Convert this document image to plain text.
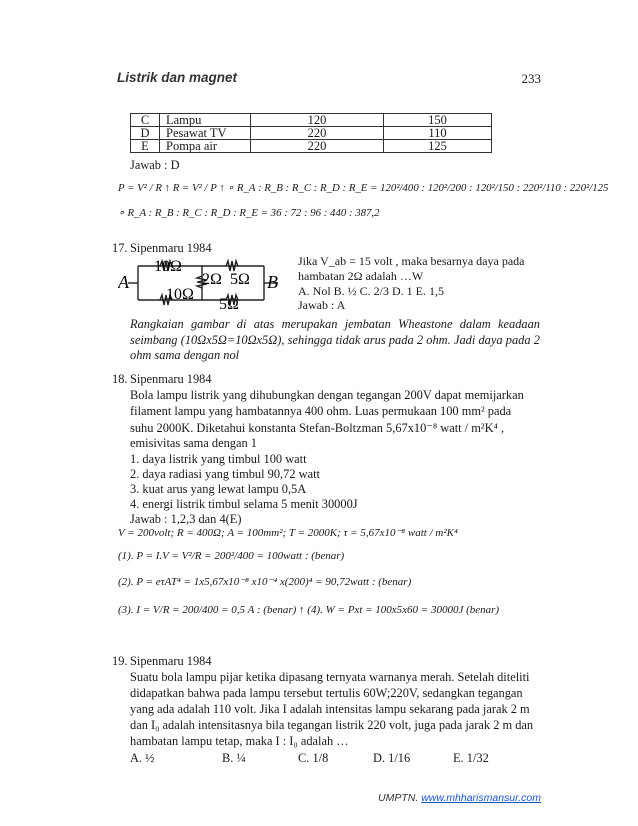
Listrik dan magnet	233
C	Lampu	120	150
D	Pesawat TV	220	110
E	Pompa air	220	125
Jawab : D
P = V² / R ↑ R = V² / P ↑ ∘ R_A : R_B : R_C : R_D : R_E = 120²/400 : 120²/200 : 120²/150 : 220²/110 : 220²/125
∘ R_A : R_B : R_C : R_D : R_E = 36 : 72 : 96 : 440 : 387,2
17. Sipenmaru 1984
A	B
10Ω
10Ω
2Ω 5Ω
5Ω
Jika V_ab = 15 volt , maka besarnya daya pada
hambatan 2Ω adalah …W
A. Nol B. ½ C. 2/3 D. 1 E. 1,5
Jawab : A
Rangkaian gambar di atas merupakan jembatan Wheastone dalam keadaan seimbang (10Ωx5Ω=10Ωx5Ω), sehingga tidak arus pada 2 ohm. Jadi daya pada 2 ohm sama dengan nol
18. Sipenmaru 1984
Bola lampu listrik yang dihubungkan dengan tegangan 200V dapat memijarkan
filament lampu yang hambatannya 400 ohm. Luas permukaan 100 mm² pada
suhu 2000K. Diketahui konstanta Stefan-Boltzman 5,67x10⁻⁸ watt / m²K⁴ ,
emisivitas sama dengan 1
1. daya listrik yang timbul 100 watt
2. daya radiasi yang timbul 90,72 watt
3. kuat arus yang lewat lampu 0,5A
4. energi listrik timbul selama 5 menit 30000J
Jawab : 1,2,3 dan 4(E)
V = 200volt; R = 400Ω; A = 100mm²; T = 2000K; τ = 5,67x10⁻⁸ watt / m²K⁴
(1). P = I.V = V²/R = 200²/400 = 100watt : (benar)
(2). P = eτAT⁴ = 1x5,67x10⁻⁸ x10⁻⁴ x(200)⁴ = 90,72watt : (benar)
(3). I = V/R = 200/400 = 0,5 A : (benar) ↑ (4). W = Pxt = 100x5x60 = 30000J (benar)
19. Sipenmaru 1984
Suatu bola lampu pijar ketika dipasang ternyata warnanya merah. Setelah diteliti
didapatkan bahwa pada lampu tersebut tertulis 60W;220V, sedangkan tegangan
yang ada adalah 110 volt. Jika I adalah intensitas lampu sekarang pada jarak 2 m
dan I₀ adalah intensitasnya bila tegangan listrik 220 volt, juga pada jarak 2 m dan
hambatan lampu tetap, maka I : I₀ adalah …
A. ½	B. ¼	C. 1/8	D. 1/16	E. 1/32
UMPTN. www.mhharismansur.com
